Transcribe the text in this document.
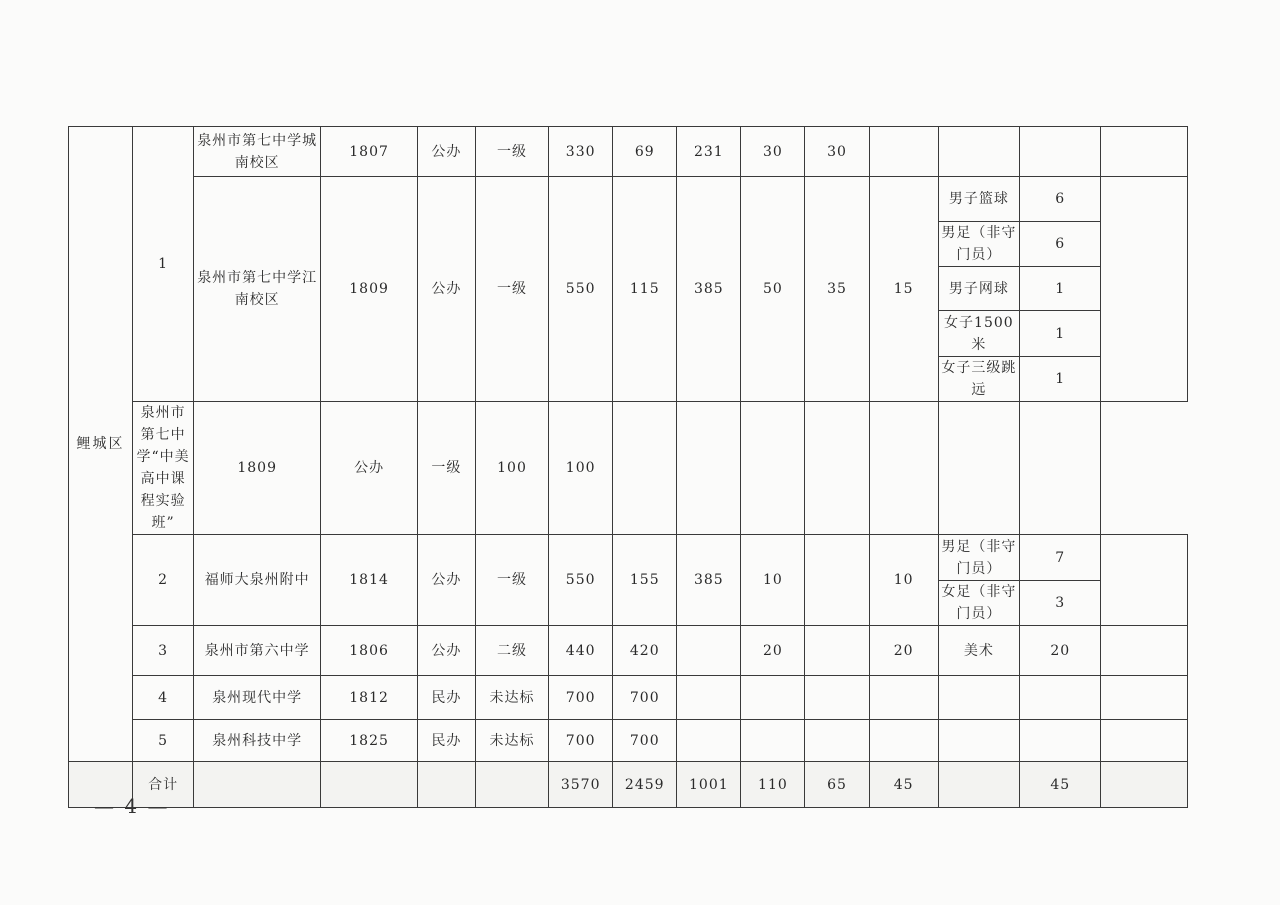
鲤城区	1	泉州市第七中学城南校区	1807	公办	一级	330	69	231	30	30				
		泉州市第七中学江南校区	1809	公办	一级	550	115	385	50	35	15	男子篮球	6	
												男足（非守门员）	6	
												男子网球	1	
												女子1500米	1	
												女子三级跳远	1	
	泉州市第七中学“中美高中课程实验班”	1809	公办	一级	100	100								
	2	福师大泉州附中	1814	公办	一级	550	155	385	10		10	男足（非守门员）	7	
												女足（非守门员）	3	
	3	泉州市第六中学	1806	公办	二级	440	420		20		20	美术	20	
	4	泉州现代中学	1812	民办	未达标	700	700							
	5	泉州科技中学	1825	民办	未达标	700	700							
	合计					3570	2459	1001	110	65	45		45	
— 4 —
